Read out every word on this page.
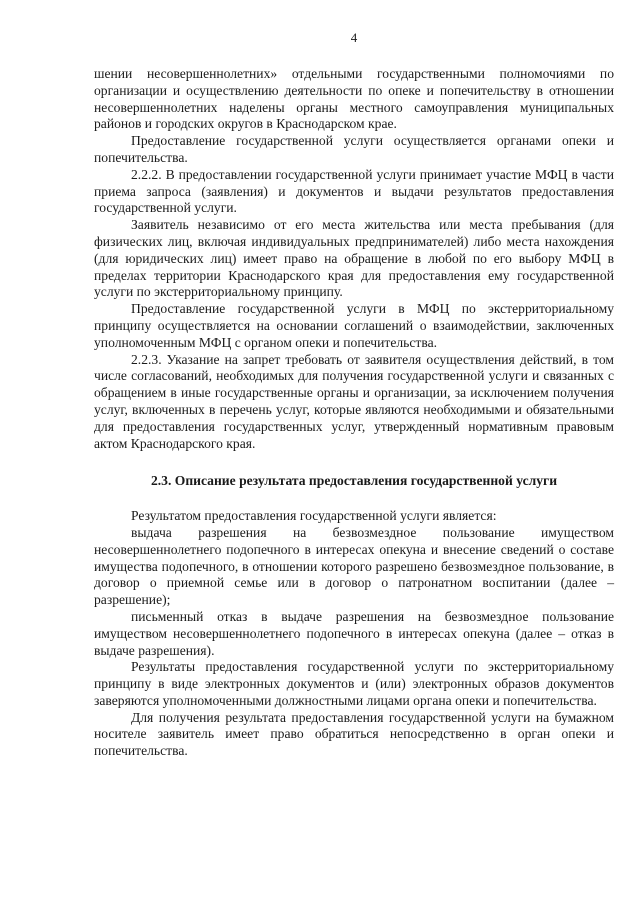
4

шении несовершеннолетних» отдельными государственными полномочиями по организации и осуществлению деятельности по опеке и попечительству в отношении несовершеннолетних наделены органы местного самоуправления муниципальных районов и городских округов в Краснодарском крае.

Предоставление государственной услуги осуществляется органами опеки и попечительства.

2.2.2. В предоставлении государственной услуги принимает участие МФЦ в части приема запроса (заявления) и документов и выдачи результатов предоставления государственной услуги.

Заявитель независимо от его места жительства или места пребывания (для физических лиц, включая индивидуальных предпринимателей) либо места нахождения (для юридических лиц) имеет право на обращение в любой по его выбору МФЦ в пределах территории Краснодарского края для предоставления ему государственной услуги по экстерриториальному принципу.

Предоставление государственной услуги в МФЦ по экстерриториальному принципу осуществляется на основании соглашений о взаимодействии, заключенных уполномоченным МФЦ с органом опеки и попечительства.

2.2.3. Указание на запрет требовать от заявителя осуществления действий, в том числе согласований, необходимых для получения государственной услуги и связанных с обращением в иные государственные органы и организации, за исключением получения услуг, включенных в перечень услуг, которые являются необходимыми и обязательными для предоставления государственных услуг, утвержденный нормативным правовым актом Краснодарского края.

2.3. Описание результата предоставления государственной услуги

Результатом предоставления государственной услуги является:

выдача разрешения на безвозмездное пользование имуществом несовершеннолетнего подопечного в интересах опекуна и внесение сведений о составе имущества подопечного, в отношении которого разрешено безвозмездное пользование, в договор о приемной семье или в договор о патронатном воспитании (далее – разрешение);

письменный отказ в выдаче разрешения на безвозмездное пользование имуществом несовершеннолетнего подопечного в интересах опекуна (далее – отказ в выдаче разрешения).

Результаты предоставления государственной услуги по экстерриториальному принципу в виде электронных документов и (или) электронных образов документов заверяются уполномоченными должностными лицами органа опеки и попечительства.

Для получения результата предоставления государственной услуги на бумажном носителе заявитель имеет право обратиться непосредственно в орган опеки и попечительства.
